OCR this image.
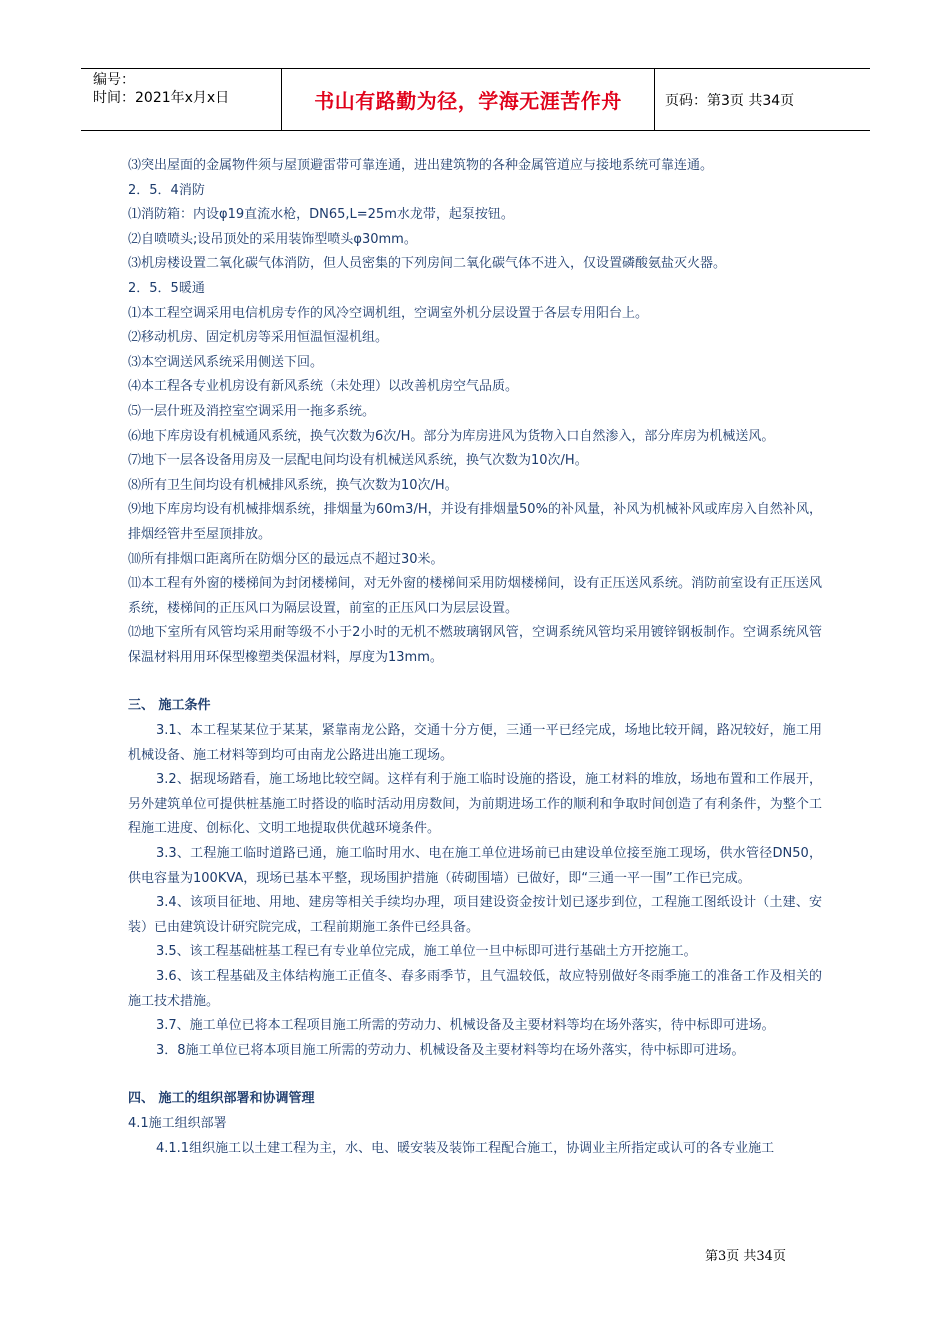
编号：
时间：2021年x月x日	书山有路勤为径，学海无涯苦作舟	页码：第3页 共34页

⑶突出屋面的金属物件须与屋顶避雷带可靠连通，进出建筑物的各种金属管道应与接地系统可靠连通。

2．5．4消防

⑴消防箱：内设φ19直流水枪，DN65,L=25m水龙带，起泵按钮。

⑵自喷喷头;设吊顶处的采用装饰型喷头φ30mm。

⑶机房楼设置二氧化碳气体消防，但人员密集的下列房间二氧化碳气体不进入，仅设置磷酸氨盐灭火器。

2．5．5暖通

⑴本工程空调采用电信机房专作的风冷空调机组，空调室外机分层设置于各层专用阳台上。

⑵移动机房、固定机房等采用恒温恒湿机组。

⑶本空调送风系统采用侧送下回。

⑷本工程各专业机房设有新风系统（未处理）以改善机房空气品质。

⑸一层什班及消控室空调采用一拖多系统。

⑹地下库房设有机械通风系统，换气次数为6次/H。部分为库房进风为货物入口自然渗入，部分库房为机械送风。

⑺地下一层各设备用房及一层配电间均设有机械送风系统，换气次数为10次/H。

⑻所有卫生间均设有机械排风系统，换气次数为10次/H。

⑼地下库房均设有机械排烟系统，排烟量为60m3/H，并设有排烟量50%的补风量，补风为机械补风或库房入自然补风，排烟经管井至屋顶排放。

⑽所有排烟口距离所在防烟分区的最远点不超过30米。

⑾本工程有外窗的楼梯间为封闭楼梯间，对无外窗的楼梯间采用防烟楼梯间，设有正压送风系统。消防前室设有正压送风系统，楼梯间的正压风口为隔层设置，前室的正压风口为层层设置。

⑿地下室所有风管均采用耐等级不小于2小时的无机不燃玻璃钢风管，空调系统风管均采用镀锌钢板制作。空调系统风管保温材料用用环保型橡塑类保温材料，厚度为13mm。

三、 施工条件

3.1、本工程某某位于某某，紧靠南龙公路，交通十分方便，三通一平已经完成，场地比较开阔，路况较好，施工用机械设备、施工材料等到均可由南龙公路进出施工现场。

3.2、据现场踏看，施工场地比较空阔。这样有利于施工临时设施的搭设，施工材料的堆放，场地布置和工作展开，另外建筑单位可提供桩基施工时搭设的临时活动用房数间，为前期进场工作的顺利和争取时间创造了有利条件，为整个工程施工进度、创标化、文明工地提取供优越环境条件。

3.3、工程施工临时道路已通，施工临时用水、电在施工单位进场前已由建设单位接至施工现场，供水管径DN50，供电容量为100KVA，现场已基本平整，现场围护措施（砖砌围墙）已做好，即“三通一平一围”工作已完成。

3.4、该项目征地、用地、建房等相关手续均办理，项目建设资金按计划已逐步到位，工程施工图纸设计（土建、安装）已由建筑设计研究院完成，工程前期施工条件已经具备。

3.5、该工程基础桩基工程已有专业单位完成，施工单位一旦中标即可进行基础土方开挖施工。

3.6、该工程基础及主体结构施工正值冬、春多雨季节，且气温较低，故应特别做好冬雨季施工的准备工作及相关的施工技术措施。

3.7、施工单位已将本工程项目施工所需的劳动力、机械设备及主要材料等均在场外落实，待中标即可进场。

3．8施工单位已将本项目施工所需的劳动力、机械设备及主要材料等均在场外落实，待中标即可进场。

四、 施工的组织部署和协调管理

4.1施工组织部署

4.1.1组织施工以土建工程为主，水、电、暖安装及装饰工程配合施工，协调业主所指定或认可的各专业施工

第3页 共34页
